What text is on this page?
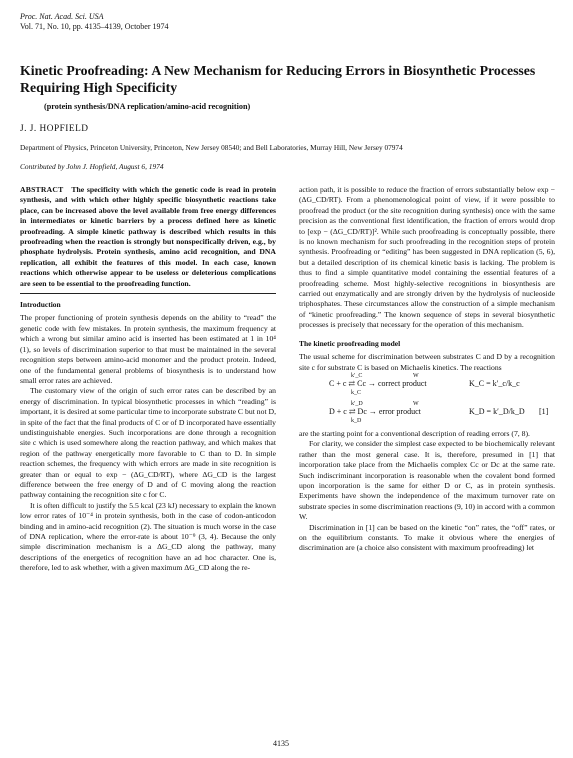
Proc. Nat. Acad. Sci. USA
Vol. 71, No. 10, pp. 4135–4139, October 1974
Kinetic Proofreading: A New Mechanism for Reducing Errors in Biosynthetic Processes Requiring High Specificity
(protein synthesis/DNA replication/amino-acid recognition)
J. J. HOPFIELD
Department of Physics, Princeton University, Princeton, New Jersey 08540; and Bell Laboratories, Murray Hill, New Jersey 07974
Contributed by John J. Hopfield, August 6, 1974

ABSTRACT The specificity with which the genetic code is read in protein synthesis, and with which other highly specific biosynthetic reactions take place, can be increased above the level available from free energy differences in intermediates or kinetic barriers by a process defined here as kinetic proofreading. A simple kinetic pathway is described which results in this proofreading when the reaction is strongly but nonspecifically driven, e.g., by phosphate hydrolysis. Protein synthesis, amino acid recognition, and DNA replication, all exhibit the features of this model. In each case, known reactions which otherwise appear to be useless or deleterious complications are seen to be essential to the proofreading function.

Introduction

The proper functioning of protein synthesis depends on the ability to “read” the genetic code with few mistakes. In protein synthesis, the maximum frequency at which a wrong but similar amino acid is inserted has been estimated at 1 in 10⁴ (1), so levels of discrimination superior to that must be maintained in the several recognition steps between amino-acid monomer and the product protein. Indeed, one of the fundamental general problems of biosynthesis is to understand how small error rates are achieved.

The customary view of the origin of such error rates can be described by an energy of discrimination. In typical biosynthetic processes in which “reading” is important, it is desired at some particular time to incorporate substrate C but not D, in spite of the fact that the final products of C or of D incorporated have essentially undistinguishable energies. Such incorporations are done through a recognition site c which is used somewhere along the reaction pathway, and which makes that region of the pathway energetically more favorable to C than to D. In simple reaction schemes, the frequency with which errors are made in site recognition is greater than or equal to exp − (ΔG_CD/RT), where ΔG_CD is the largest difference between the free energy of D and of C moving along the reaction pathway containing the recognition site c for C.

It is often difficult to justify the 5.5 kcal (23 kJ) necessary to explain the known low error rates of 10⁻⁴ in protein synthesis, both in the case of codon-anticodon binding and in amino-acid recognition (2). The situation is much worse in the case of DNA replication, where the error-rate is about 10⁻⁹ (3, 4). Because the only simple discrimination mechanism is a ΔG_CD along the pathway, many descriptions of the energetics of recognition have an ad hoc character. One is, therefore, led to ask whether, with a given maximum ΔG_CD along the re-

action path, it is possible to reduce the fraction of errors substantially below exp − (ΔG_CD/RT). From a phenomenological point of view, if it were possible to proofread the product (or the site recognition during synthesis) once with the same precision as the conventional first identification, the fraction of errors would drop to [exp − (ΔG_CD/RT)]². While such proofreading is conceptually possible, there is no known mechanism for such proofreading in the recognition steps of protein synthesis. Proofreading or “editing” has been suggested in DNA replication (5, 6), but a detailed description of its chemical kinetic basis is lacking. The problem is thus to find a simple quantitative model containing the essential features of a proofreading scheme. Most highly-selective recognitions in biosynthesis are carried out enzymatically and are strongly driven by the hydrolysis of nucleoside triphosphates. These circumstances allow the construction of a simple mechanism of “kinetic proofreading.” The known sequence of steps in several biosynthetic processes is precisely that necessary for the operation of this mechanism.

The kinetic proofreading model

The usual scheme for discrimination between substrates C and D by a recognition site c for substrate C is based on Michaelis kinetics. The reactions

k′_C	W
C + c ⇄ Cc → correct product	K_C = k′_c/k_c
k_C
k′_D	W
D + c ⇄ Dc → error product	K_D = k′_D/k_D [1]
k_D

are the starting point for a conventional description of reading errors (7, 8).

For clarity, we consider the simplest case expected to be biochemically relevant rather than the most general case. It is, therefore, presumed in [1] that incorporation take place from the Michaelis complex Cc or Dc at the same rate. Such indiscriminant incorporation is reasonable when the covalent bond formed upon incorporation is the same for either D or C, as in protein synthesis. Experiments have shown the independence of the maximum turnover rate on substrate species in some discrimination reactions (9, 10) in accord with a common W.

Discrimination in [1] can be based on the kinetic “on” rates, the “off” rates, or on the equilibrium constants. To make it obvious where the energies of discrimination are (a choice also consistent with maximum proofreading) let

4135
